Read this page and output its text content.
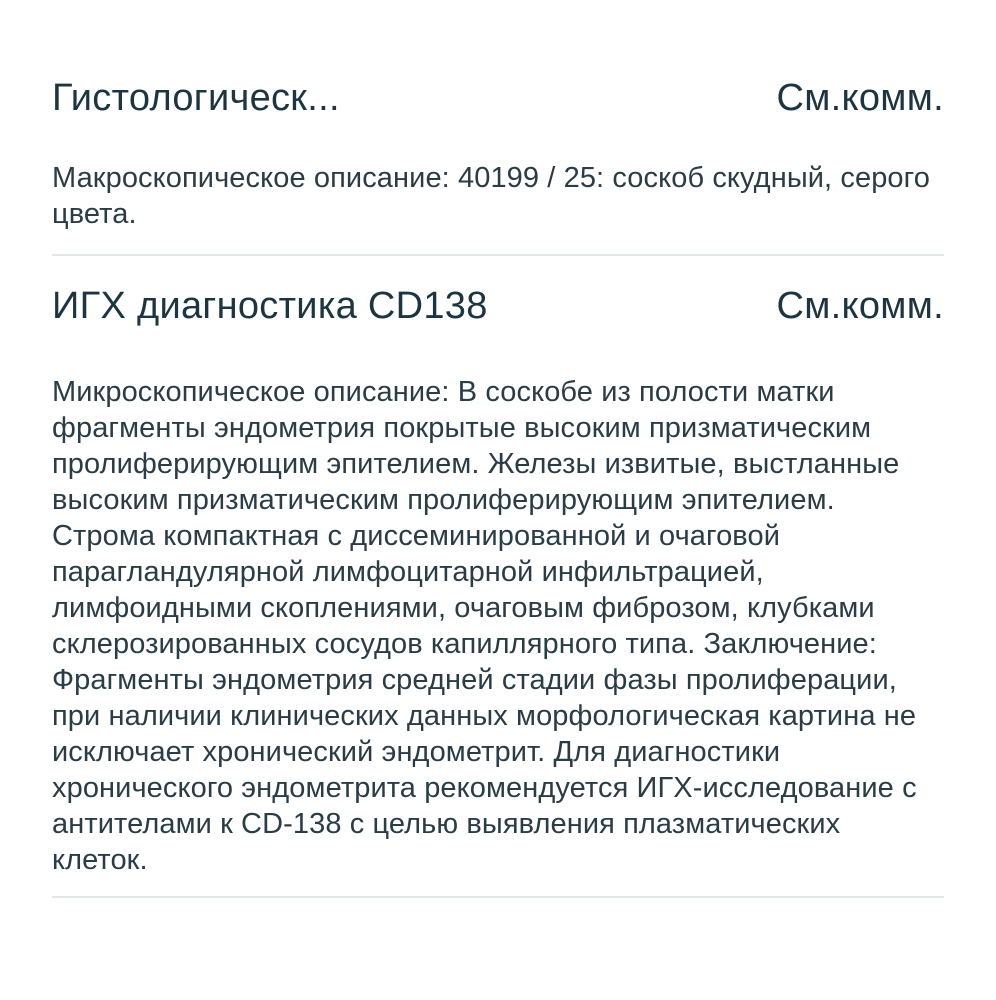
Гистологическ...	См.комм.
Макроскопическое описание: 40199 / 25: соскоб скудный, серого цвета.
ИГХ диагностика CD138	См.комм.
Микроскопическое описание: В соскобе из полости матки фрагменты эндометрия покрытые высоким призматическим пролиферирующим эпителием. Железы извитые, выстланные высоким призматическим пролиферирующим эпителием. Строма компактная с диссеминированной и очаговой парагландулярной лимфоцитарной инфильтрацией, лимфоидными скоплениями, очаговым фиброзом, клубками склерозированных сосудов капиллярного типа. Заключение: Фрагменты эндометрия средней стадии фазы пролиферации, при наличии клинических данных морфологическая картина не исключает хронический эндометрит. Для диагностики хронического эндометрита рекомендуется ИГХ-исследование с антителами к CD-138 с целью выявления плазматических клеток.
